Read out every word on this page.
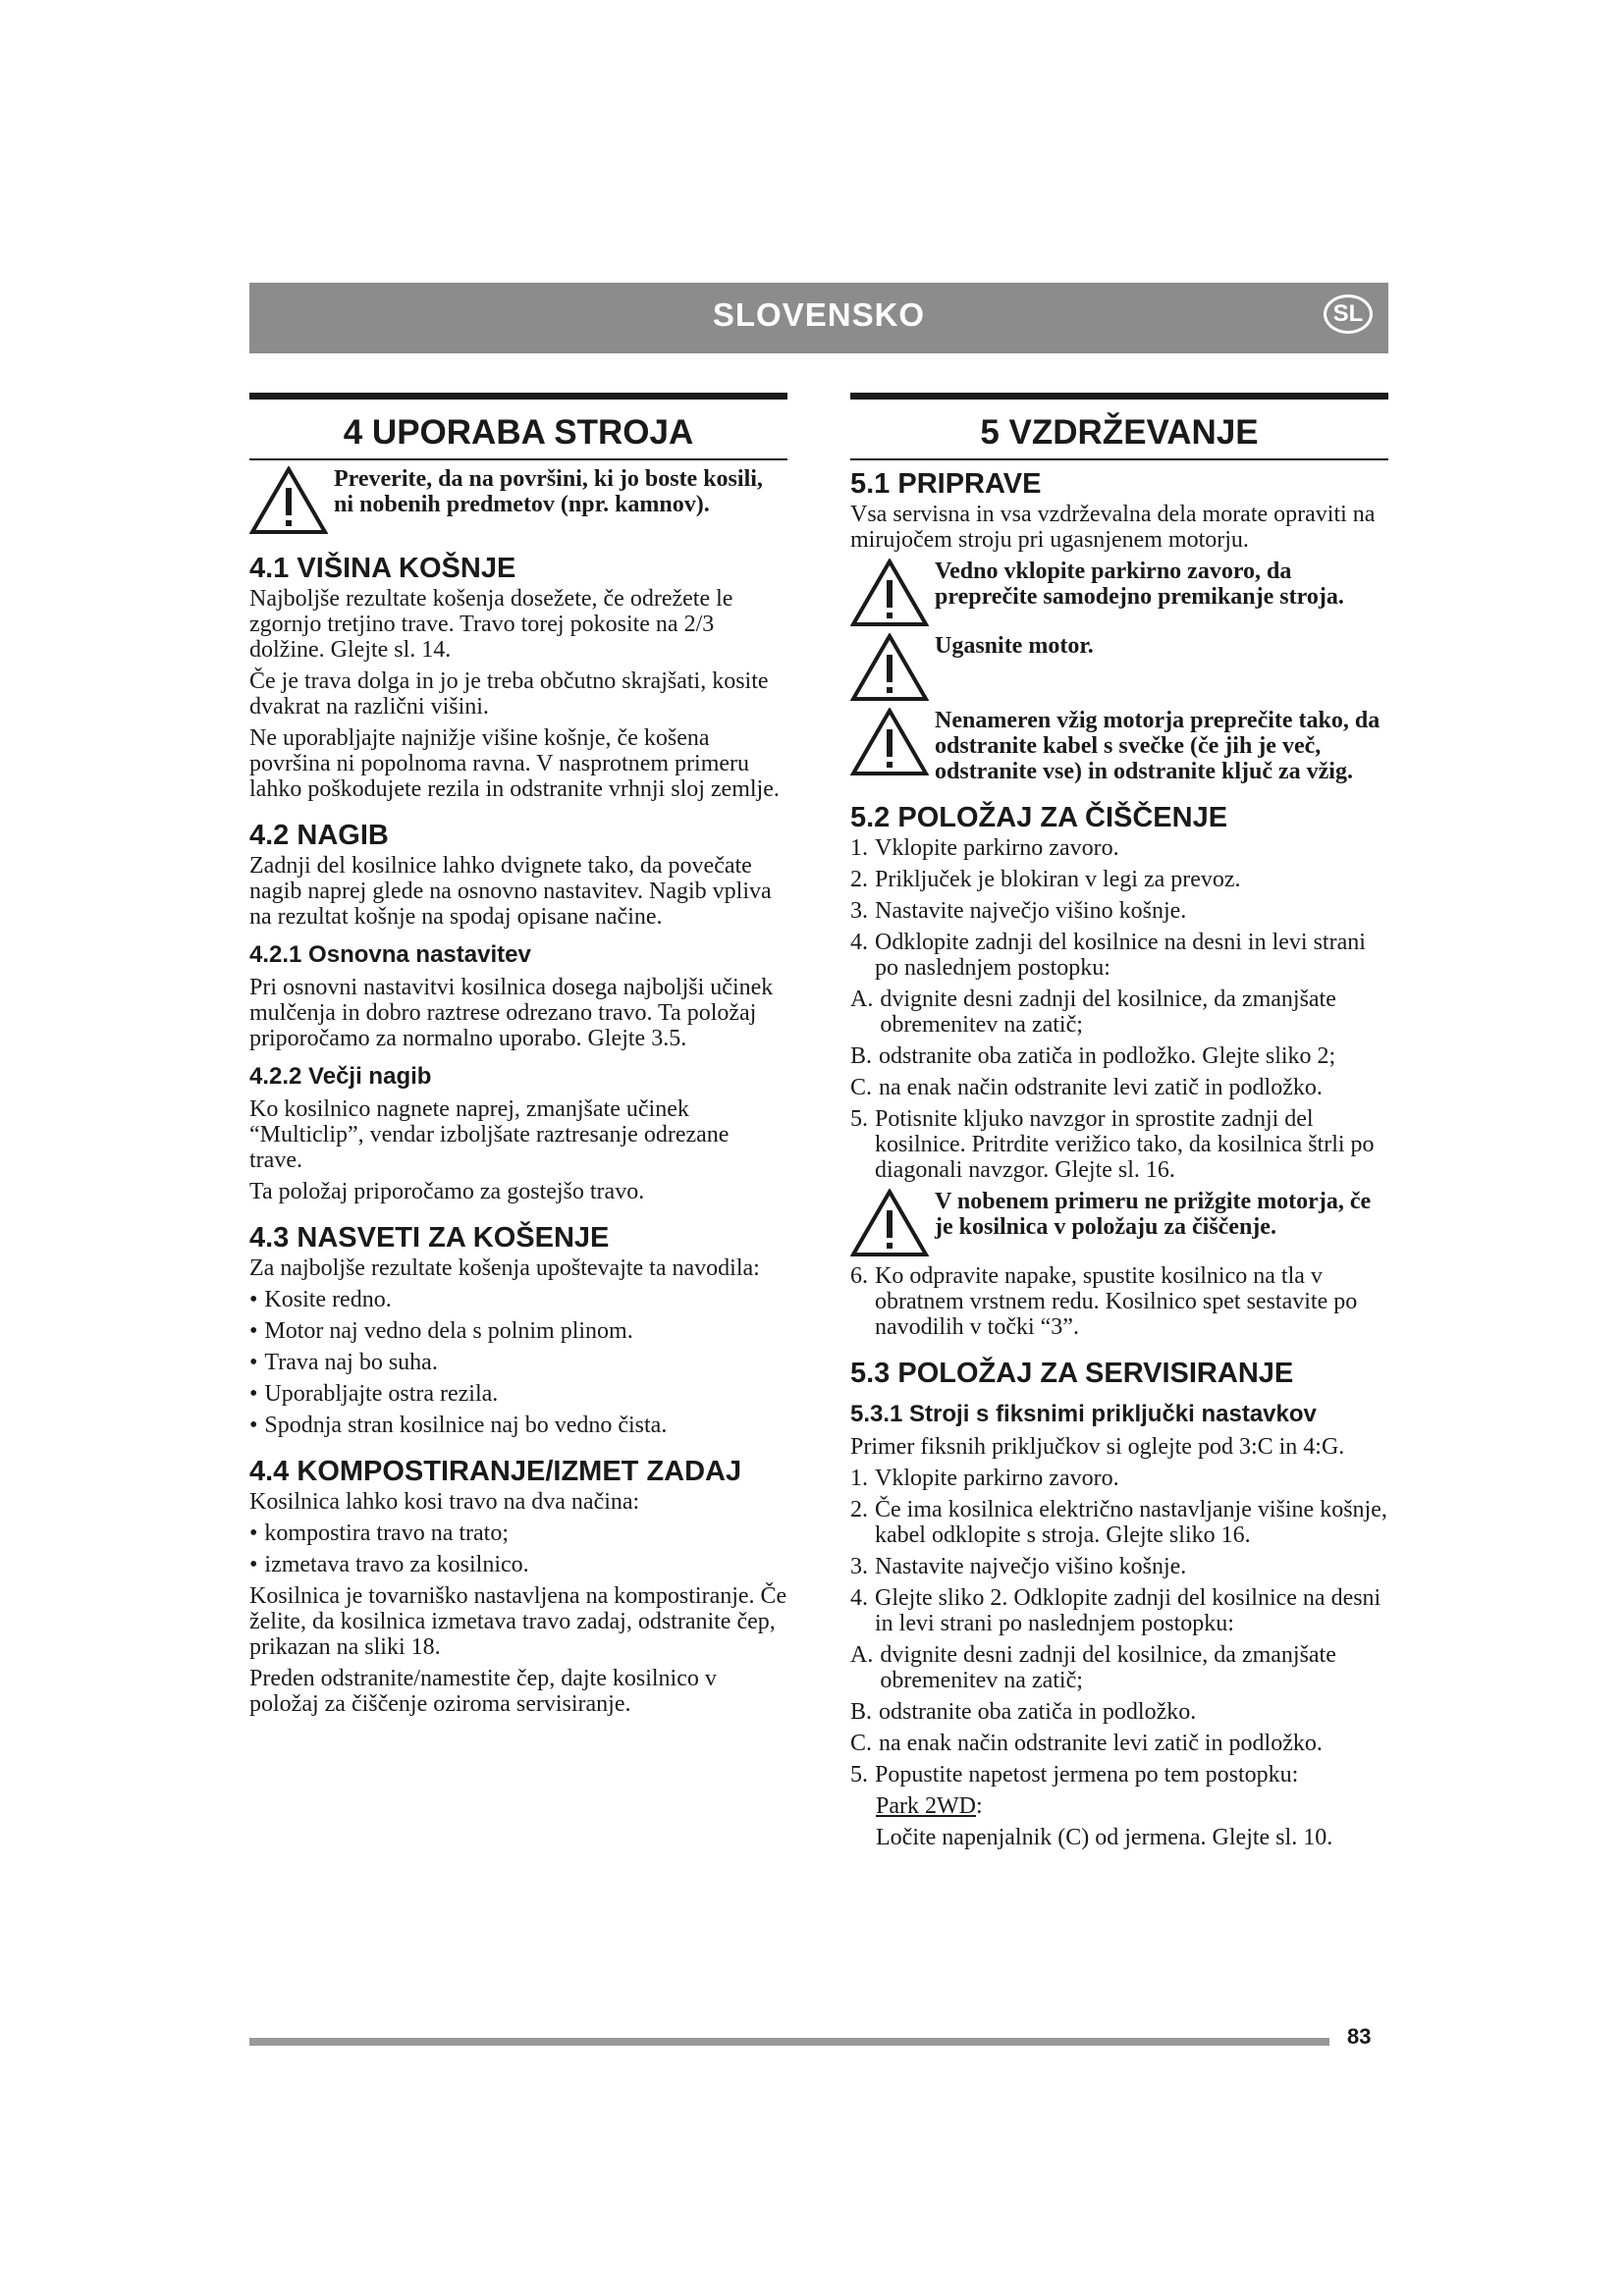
SLOVENSKO	SL
4 UPORABA STROJA
Preverite, da na površini, ki jo boste kosili, ni nobenih predmetov (npr. kamnov).
4.1 VIŠINA KOŠNJE
Najboljše rezultate košenja dosežete, če odrežete le zgornjo tretjino trave. Travo torej pokosite na 2/3 dolžine. Glejte sl. 14.
Če je trava dolga in jo je treba občutno skrajšati, kosite dvakrat na različni višini.
Ne uporabljajte najnižje višine košnje, če košena površina ni popolnoma ravna. V nasprotnem primeru lahko poškodujete rezila in odstranite vrhnji sloj zemlje.
4.2 NAGIB
Zadnji del kosilnice lahko dvignete tako, da povečate nagib naprej glede na osnovno nastavitev. Nagib vpliva na rezultat košnje na spodaj opisane načine.
4.2.1 Osnovna nastavitev
Pri osnovni nastavitvi kosilnica dosega najboljši učinek mulčenja in dobro raztrese odrezano travo. Ta položaj priporočamo za normalno uporabo. Glejte 3.5.
4.2.2 Večji nagib
Ko kosilnico nagnete naprej, zmanjšate učinek “Multiclip”, vendar izboljšate raztresanje odrezane trave.
Ta položaj priporočamo za gostejšo travo.
4.3 NASVETI ZA KOŠENJE
Za najboljše rezultate košenja upoštevajte ta navodila:
• Kosite redno.
• Motor naj vedno dela s polnim plinom.
• Trava naj bo suha.
• Uporabljajte ostra rezila.
• Spodnja stran kosilnice naj bo vedno čista.
4.4 KOMPOSTIRANJE/IZMET ZADAJ
Kosilnica lahko kosi travo na dva načina:
• kompostira travo na trato;
• izmetava travo za kosilnico.
Kosilnica je tovarniško nastavljena na kompostiranje. Če želite, da kosilnica izmetava travo zadaj, odstranite čep, prikazan na sliki 18.
Preden odstranite/namestite čep, dajte kosilnico v položaj za čiščenje oziroma servisiranje.
5 VZDRŽEVANJE
5.1 PRIPRAVE
Vsa servisna in vsa vzdrževalna dela morate opraviti na mirujočem stroju pri ugasnjenem motorju.
Vedno vklopite parkirno zavoro, da preprečite samodejno premikanje stroja.
Ugasnite motor.
Nenameren vžig motorja preprečite tako, da odstranite kabel s svečke (če jih je več, odstranite vse) in odstranite ključ za vžig.
5.2 POLOŽAJ ZA ČIŠČENJE
1. Vklopite parkirno zavoro.
2. Priključek je blokiran v legi za prevoz.
3. Nastavite največjo višino košnje.
4. Odklopite zadnji del kosilnice na desni in levi strani po naslednjem postopku:
A. dvignite desni zadnji del kosilnice, da zmanjšate obremenitev na zatič;
B. odstranite oba zatiča in podložko. Glejte sliko 2;
C. na enak način odstranite levi zatič in podložko.
5. Potisnite kljuko navzgor in sprostite zadnji del kosilnice. Pritrdite verižico tako, da kosilnica štrli po diagonali navzgor. Glejte sl. 16.
V nobenem primeru ne prižgite motorja, če je kosilnica v položaju za čiščenje.
6. Ko odpravite napake, spustite kosilnico na tla v obratnem vrstnem redu. Kosilnico spet sestavite po navodilih v točki “3”.
5.3 POLOŽAJ ZA SERVISIRANJE
5.3.1 Stroji s fiksnimi priključki nastavkov
Primer fiksnih priključkov si oglejte pod 3:C in 4:G.
1. Vklopite parkirno zavoro.
2. Če ima kosilnica električno nastavljanje višine košnje, kabel odklopite s stroja. Glejte sliko 16.
3. Nastavite največjo višino košnje.
4. Glejte sliko 2. Odklopite zadnji del kosilnice na desni in levi strani po naslednjem postopku:
A. dvignite desni zadnji del kosilnice, da zmanjšate obremenitev na zatič;
B. odstranite oba zatiča in podložko.
C. na enak način odstranite levi zatič in podložko.
5. Popustite napetost jermena po tem postopku:
Park 2WD:
Ločite napenjalnik (C) od jermena. Glejte sl. 10.
83
